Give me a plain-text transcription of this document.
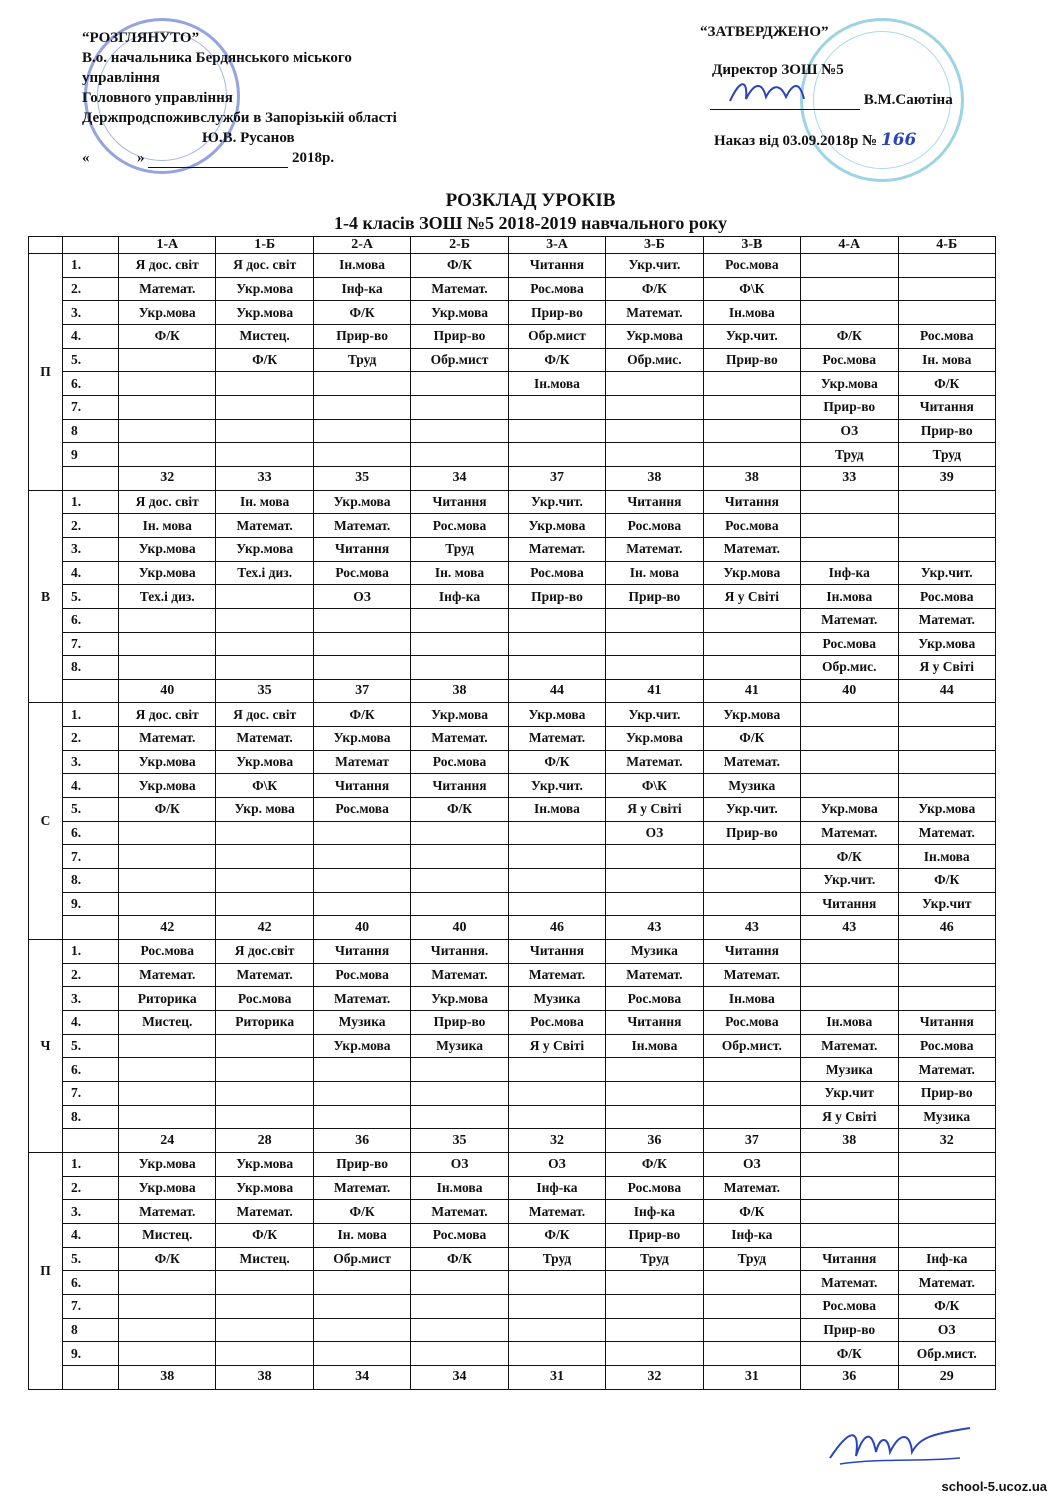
“РОЗГЛЯНУТО”
В.о. начальника Бердянського міського
управління
Головного управління
Держпродспоживслужби в Запорізькій області
Ю.В. Русанов
«	»	2018р.
“ЗАТВЕРДЖЕНО”
Директор ЗОШ №5
В.М.Саютіна
Наказ від 03.09.2018р № 166
РОЗКЛАД УРОКІВ
1-4 класів ЗОШ №5 2018-2019 навчального року
		1-А	1-Б	2-А	2-Б	3-А	3-Б	3-В	4-А	4-Б
П	1.	Я дос. світ	Я дос. світ	Ін.мова	Ф/К	Читання	Укр.чит.	Рос.мова		
	2.	Математ.	Укр.мова	Інф-ка	Математ.	Рос.мова	Ф/К	Ф\К		
	3.	Укр.мова	Укр.мова	Ф/К	Укр.мова	Прир-во	Математ.	Ін.мова		
	4.	Ф/К	Мистец.	Прир-во	Прир-во	Обр.мист	Укр.мова	Укр.чит.	Ф/К	Рос.мова
	5.		Ф/К	Труд	Обр.мист	Ф/К	Обр.мис.	Прир-во	Рос.мова	Ін. мова
	6.					Ін.мова			Укр.мова	Ф/К
	7.								Прир-во	Читання
	8								ОЗ	Прир-во
	9								Труд	Труд
		32	33	35	34	37	38	38	33	39
В	1.	Я дос. світ	Ін. мова	Укр.мова	Читання	Укр.чит.	Читання	Читання		
	2.	Ін. мова	Математ.	Математ.	Рос.мова	Укр.мова	Рос.мова	Рос.мова		
	3.	Укр.мова	Укр.мова	Читання	Труд	Математ.	Математ.	Математ.		
	4.	Укр.мова	Тех.і диз.	Рос.мова	Ін. мова	Рос.мова	Ін. мова	Укр.мова	Інф-ка	Укр.чит.
	5.	Тех.і диз.		ОЗ	Інф-ка	Прир-во	Прир-во	Я у Світі	Ін.мова	Рос.мова
	6.								Математ.	Математ.
	7.								Рос.мова	Укр.мова
	8.								Обр.мис.	Я у Світі
		40	35	37	38	44	41	41	40	44
С	1.	Я дос. світ	Я дос. світ	Ф/К	Укр.мова	Укр.мова	Укр.чит.	Укр.мова		
	2.	Математ.	Математ.	Укр.мова	Математ.	Математ.	Укр.мова	Ф/К		
	3.	Укр.мова	Укр.мова	Математ	Рос.мова	Ф/К	Математ.	Математ.		
	4.	Укр.мова	Ф\К	Читання	Читання	Укр.чит.	Ф\К	Музика		
	5.	Ф/К	Укр. мова	Рос.мова	Ф/К	Ін.мова	Я у Світі	Укр.чит.	Укр.мова	Укр.мова
	6.						ОЗ	Прир-во	Математ.	Математ.
	7.								Ф/К	Ін.мова
	8.								Укр.чит.	Ф/К
	9.								Читання	Укр.чит
		42	42	40	40	46	43	43	43	46
Ч	1.	Рос.мова	Я дос.світ	Читання	Читання.	Читання	Музика	Читання		
	2.	Математ.	Математ.	Рос.мова	Математ.	Математ.	Математ.	Математ.		
	3.	Риторика	Рос.мова	Математ.	Укр.мова	Музика	Рос.мова	Ін.мова		
	4.	Мистец.	Риторика	Музика	Прир-во	Рос.мова	Читання	Рос.мова	Ін.мова	Читання
	5.			Укр.мова	Музика	Я у Світі	Ін.мова	Обр.мист.	Математ.	Рос.мова
	6.								Музика	Математ.
	7.								Укр.чит	Прир-во
	8.								Я у Світі	Музика
		24	28	36	35	32	36	37	38	32
П	1.	Укр.мова	Укр.мова	Прир-во	ОЗ	ОЗ	Ф/К	ОЗ		
	2.	Укр.мова	Укр.мова	Математ.	Ін.мова	Інф-ка	Рос.мова	Математ.		
	3.	Математ.	Математ.	Ф/К	Математ.	Математ.	Інф-ка	Ф/К		
	4.	Мистец.	Ф/К	Ін. мова	Рос.мова	Ф/К	Прир-во	Інф-ка		
	5.	Ф/К	Мистец.	Обр.мист	Ф/К	Труд	Труд	Труд	Читання	Інф-ка
	6.								Математ.	Математ.
	7.								Рос.мова	Ф/К
	8								Прир-во	ОЗ
	9.								Ф/К	Обр.мист.
		38	38	34	34	31	32	31	36	29
school-5.ucoz.ua
